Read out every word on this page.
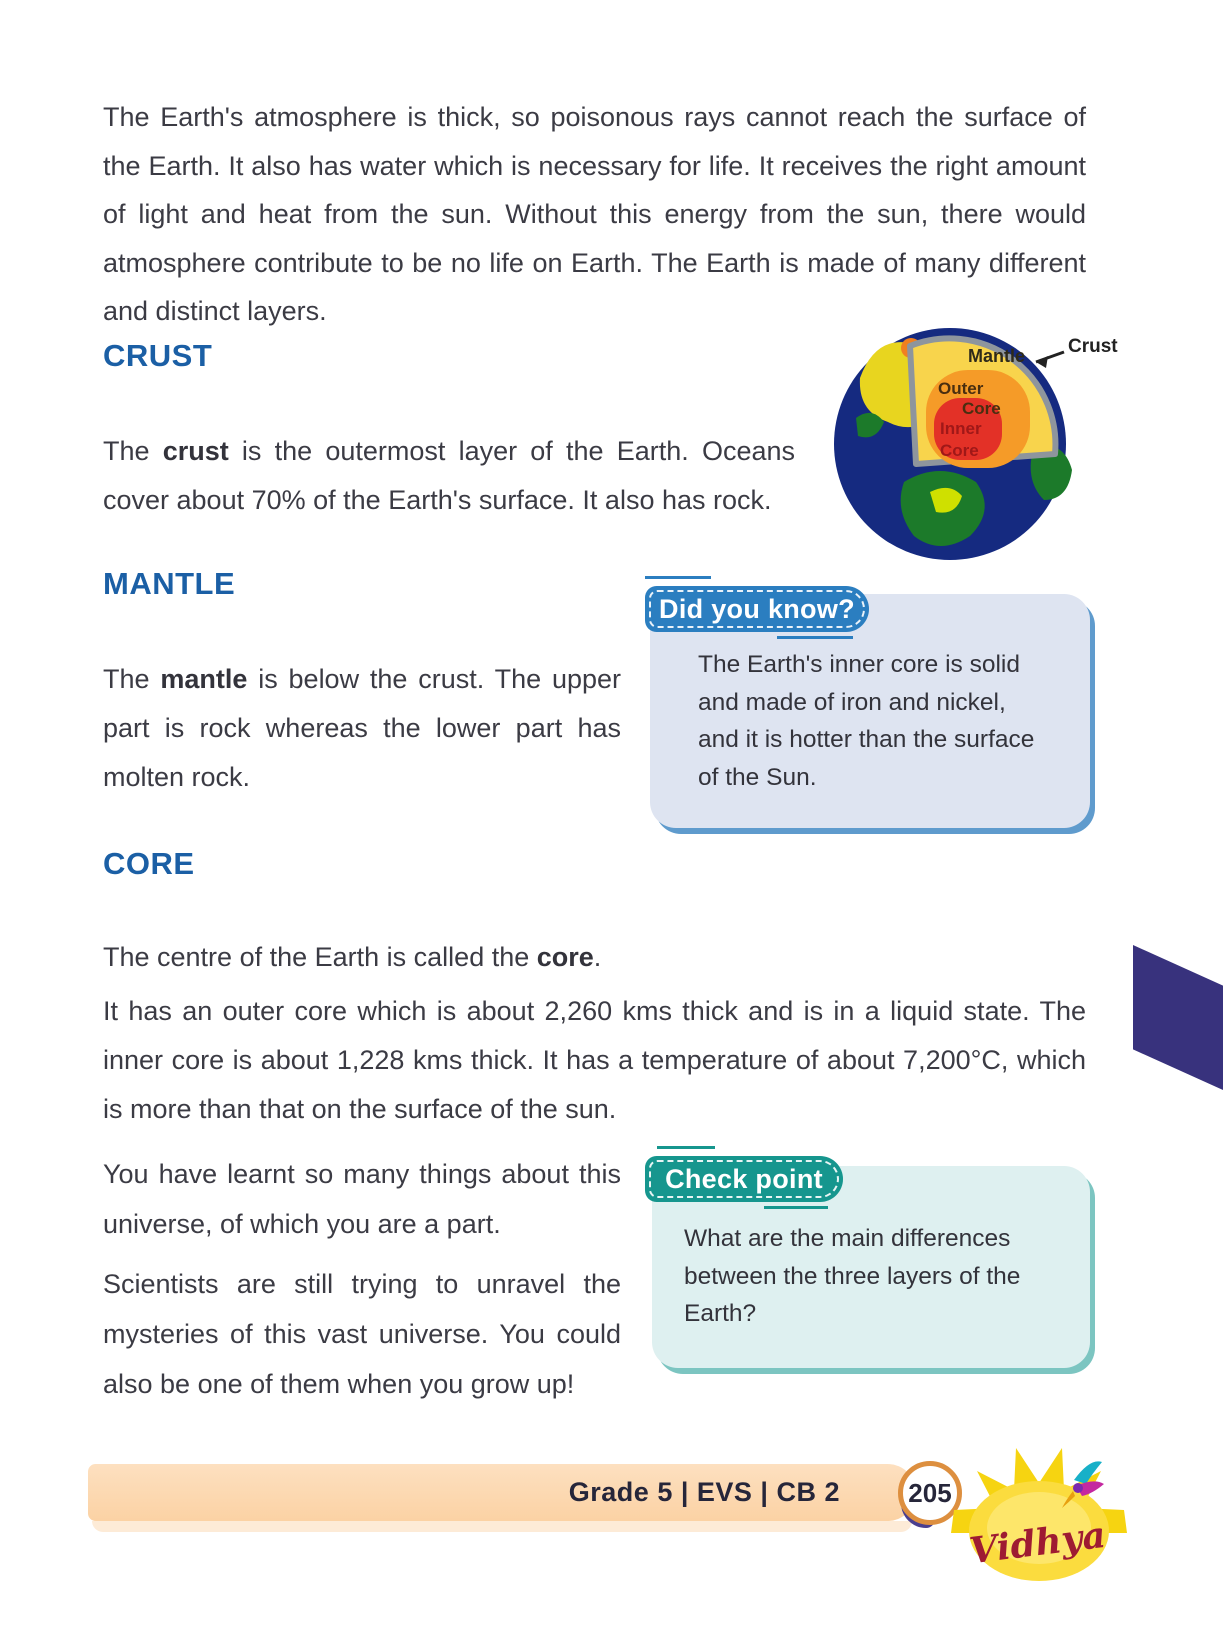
The Earth's atmosphere is thick, so poisonous rays cannot reach the surface of the Earth. It also has water which is necessary for life. It receives the right amount of light and heat from the sun. Without this energy from the sun, there would atmosphere contribute to be no life on Earth. The Earth is made of many different and distinct layers.

CRUST

The crust is the outermost layer of the Earth. Oceans cover about 70% of the Earth's surface. It also has rock.

Mantle
Outer
Core
Inner
Core
Crust
MANTLE

The mantle is below the crust. The upper part is rock whereas the lower part has molten rock.

The Earth's inner core is solid and made of iron and nickel, and it is hotter than the surface of the Sun.
Did you know?
CORE

The centre of the Earth is called the core.

It has an outer core which is about 2,260 kms thick and is in a liquid state. The inner core is about 1,228 kms thick. It has a temperature of about 7,200°C, which is more than that on the surface of the sun.

You have learnt so many things about this universe, of which you are a part.

Scientists are still trying to unravel the mysteries of this vast universe. You could also be one of them when you grow up!

What are the main differences between the three layers of the Earth?
Check point
Grade 5 | EVS | CB 2	205
Vidhya
